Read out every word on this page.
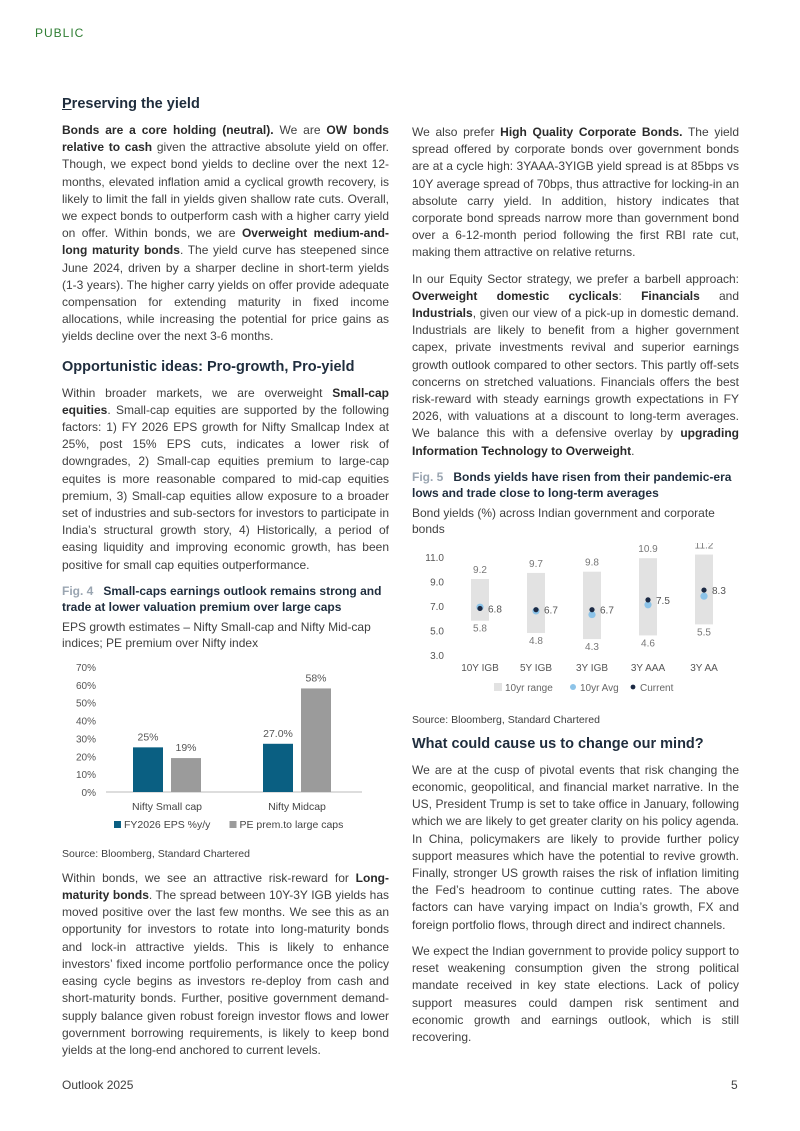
PUBLIC
Preserving the yield

Bonds are a core holding (neutral). We are OW bonds relative to cash given the attractive absolute yield on offer. Though, we expect bond yields to decline over the next 12-months, elevated inflation amid a cyclical growth recovery, is likely to limit the fall in yields given shallow rate cuts. Overall, we expect bonds to outperform cash with a higher carry yield on offer. Within bonds, we are Overweight medium-and-long maturity bonds. The yield curve has steepened since June 2024, driven by a sharper decline in short-term yields (1-3 years). The higher carry yields on offer provide adequate compensation for extending maturity in fixed income allocations, while increasing the potential for price gains as yields decline over the next 3-6 months.

Opportunistic ideas: Pro-growth, Pro-yield

Within broader markets, we are overweight Small-cap equities. Small-cap equities are supported by the following factors: 1) FY 2026 EPS growth for Nifty Smallcap Index at 25%, post 15% EPS cuts, indicates a lower risk of downgrades, 2) Small-cap equities premium to large-cap equites is more reasonable compared to mid-cap equities premium, 3) Small-cap equities allow exposure to a broader set of industries and sub-sectors for investors to participate in India’s structural growth story, 4) Historically, a period of easing liquidity and improving economic growth, has been positive for small cap equities outperformance.

Fig. 4 Small-caps earnings outlook remains strong and trade at lower valuation premium over large caps
EPS growth estimates – Nifty Small-cap and Nifty Mid-cap indices; PE premium over Nifty index
0%
10%
20%
30%
40%
50%
60%
70%
Nifty Small cap
25%
19%
Nifty Midcap
27.0%
58%
FY2026 EPS %y/y	PE prem.to large caps
Source: Bloomberg, Standard Chartered

Within bonds, we see an attractive risk-reward for Long-maturity bonds. The spread between 10Y-3Y IGB yields has moved positive over the last few months. We see this as an opportunity for investors to rotate into long-maturity bonds and lock-in attractive yields. This is likely to enhance investors’ fixed income portfolio performance once the policy easing cycle begins as investors re-deploy from cash and short-maturity bonds. Further, positive government demand-supply balance given robust foreign investor flows and lower government borrowing requirements, is likely to keep bond yields at the long-end anchored to current levels.

We also prefer High Quality Corporate Bonds. The yield spread offered by corporate bonds over government bonds are at a cycle high: 3YAAA-3YIGB yield spread is at 85bps vs 10Y average spread of 70bps, thus attractive for locking-in an absolute carry yield. In addition, history indicates that corporate bond spreads narrow more than government bond over a 6-12-month period following the first RBI rate cut, making them attractive on relative returns.

In our Equity Sector strategy, we prefer a barbell approach: Overweight domestic cyclicals: Financials and Industrials, given our view of a pick-up in domestic demand. Industrials are likely to benefit from a higher government capex, private investments revival and superior earnings growth outlook compared to other sectors. This partly off-sets concerns on stretched valuations. Financials offers the best risk-reward with steady earnings growth expectations in FY 2026, with valuations at a discount to long-term averages. We balance this with a defensive overlay by upgrading Information Technology to Overweight.

Fig. 5 Bonds yields have risen from their pandemic-era lows and trade close to long-term averages
Bond yields (%) across Indian government and corporate bonds
3.0
5.0
7.0
9.0
11.0
9.2
5.8
6.8
10Y IGB
9.7
4.8
6.7
5Y IGB
9.8
4.3
6.7
3Y IGB
10.9
4.6
7.5
3Y AAA
11.2
5.5
8.3
3Y AA
10yr range	10yr Avg Current
Source: Bloomberg, Standard Chartered
What could cause us to change our mind?

We are at the cusp of pivotal events that risk changing the economic, geopolitical, and financial market narrative. In the US, President Trump is set to take office in January, following which we are likely to get greater clarity on his policy agenda. In China, policymakers are likely to provide further policy support measures which have the potential to revive growth. Finally, stronger US growth raises the risk of inflation limiting the Fed’s headroom to continue cutting rates. The above factors can have varying impact on India’s growth, FX and foreign portfolio flows, through direct and indirect channels.

We expect the Indian government to provide policy support to reset weakening consumption given the strong political mandate received in key state elections. Lack of policy support measures could dampen risk sentiment and economic growth and earnings outlook, which is still recovering.

Outlook 2025	5
